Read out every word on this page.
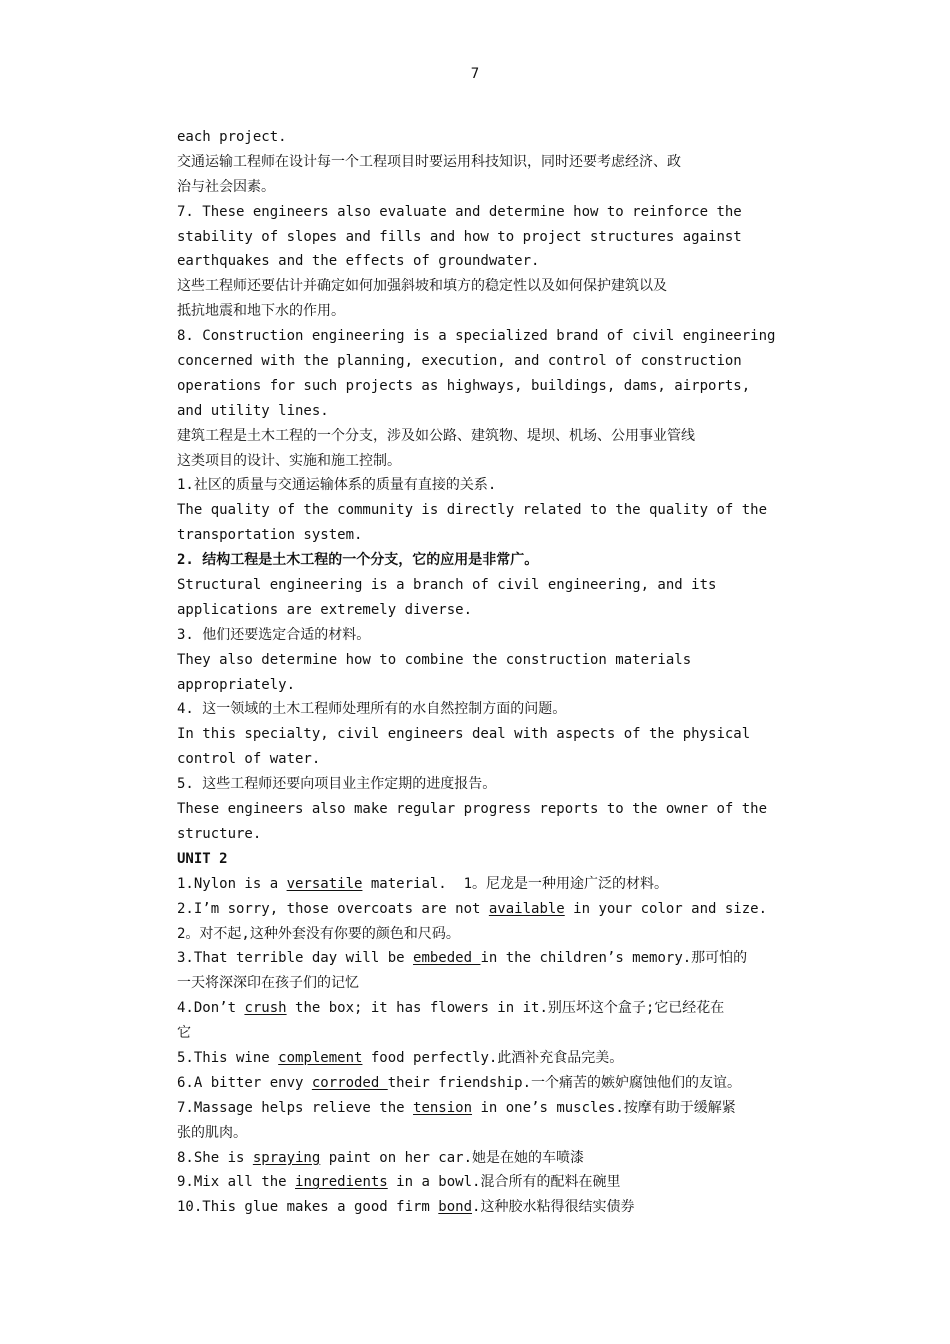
7
each project.
交通运输工程师在设计每一个工程项目时要运用科技知识，同时还要考虑经济、政
治与社会因素。
7. These engineers also evaluate and determine how to reinforce the
stability of slopes and fills and how to project structures against
earthquakes and the effects of groundwater.
这些工程师还要估计并确定如何加强斜坡和填方的稳定性以及如何保护建筑以及
抵抗地震和地下水的作用。
8. Construction engineering is a specialized brand of civil engineering
concerned with the planning, execution, and control of construction
operations for such projects as highways, buildings, dams, airports,
and utility lines.
建筑工程是土木工程的一个分支，涉及如公路、建筑物、堤坝、机场、公用事业管线
这类项目的设计、实施和施工控制。
1.社区的质量与交通运输体系的质量有直接的关系.
The quality of the community is directly related to the quality of the
transportation system.
2. 结构工程是土木工程的一个分支，它的应用是非常广。
Structural engineering is a branch of civil engineering, and its
applications are extremely diverse.
3. 他们还要选定合适的材料。
They also determine how to combine the construction materials
appropriately.
4. 这一领域的土木工程师处理所有的水自然控制方面的问题。
In this specialty, civil engineers deal with aspects of the physical
control of water.
5. 这些工程师还要向项目业主作定期的进度报告。
These engineers also make regular progress reports to the owner of the
structure.
UNIT 2
1.Nylon is a versatile material.  1。尼龙是一种用途广泛的材料。
2.I’m sorry, those overcoats are not available in your color and size.
2。对不起,这种外套没有你要的颜色和尺码。
3.That terrible day will be embeded in the children’s memory.那可怕的
一天将深深印在孩子们的记忆
4.Don’t crush the box; it has flowers in it.别压坏这个盒子;它已经花在
它
5.This wine complement food perfectly.此酒补充食品完美。
6.A bitter envy corroded their friendship.一个痛苦的嫉妒腐蚀他们的友谊。
7.Massage helps relieve the tension in one’s muscles.按摩有助于缓解紧
张的肌肉。
8.She is spraying paint on her car.她是在她的车喷漆
9.Mix all the ingredients in a bowl.混合所有的配料在碗里
10.This glue makes a good firm bond.这种胶水粘得很结实债券
